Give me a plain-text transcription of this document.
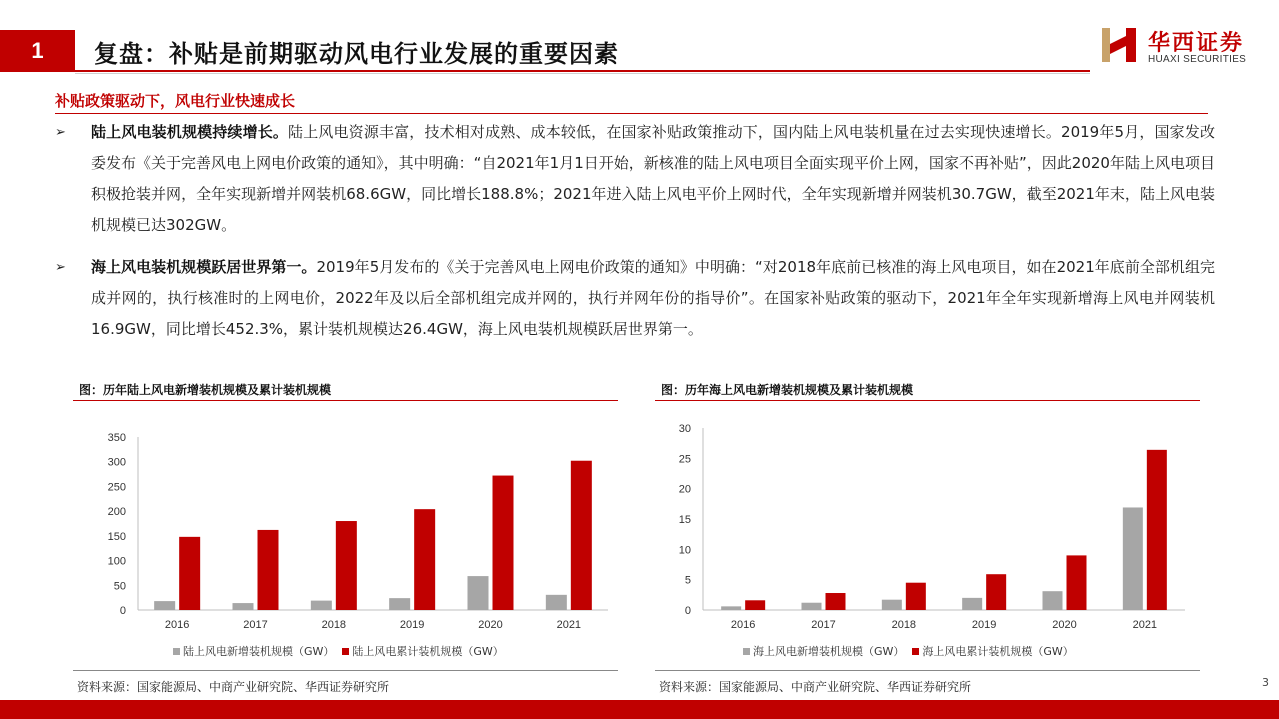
1	复盘：补贴是前期驱动风电行业发展的重要因素	华西证券
HUAXI SECURITIES
补贴政策驱动下，风电行业快速成长
➢ 陆上风电装机规模持续增长。陆上风电资源丰富，技术相对成熟、成本较低，在国家补贴政策推动下，国内陆上风电装机量在过去实现快速增长。2019年5月，国家发改委发布《关于完善风电上网电价政策的通知》，其中明确：“自2021年1月1日开始，新核准的陆上风电项目全面实现平价上网，国家不再补贴”，因此2020年陆上风电项目积极抢装并网，全年实现新增并网装机68.6GW，同比增长188.8%；2021年进入陆上风电平价上网时代，全年实现新增并网装机30.7GW，截至2021年末，陆上风电装机规模已达302GW。
➢ 海上风电装机规模跃居世界第一。2019年5月发布的《关于完善风电上网电价政策的通知》中明确：“对2018年底前已核准的海上风电项目，如在2021年底前全部机组完成并网的，执行核准时的上网电价，2022年及以后全部机组完成并网的，执行并网年份的指导价”。在国家补贴政策的驱动下，2021年全年实现新增海上风电并网装机16.9GW，同比增长452.3%，累计装机规模达26.4GW，海上风电装机规模跃居世界第一。
图：历年陆上风电新增装机规模及累计装机规模
0
50
100
150
200
250
300
350
2016	2017	2018	2019	2020	2021
陆上风电新增装机规模（GW） 陆上风电累计装机规模（GW）
资料来源：国家能源局、中商产业研究院、华西证券研究所
图：历年海上风电新增装机规模及累计装机规模
0
5
10
15
20
25
30
2016	2017	2018	2019	2020	2021
海上风电新增装机规模（GW） 海上风电累计装机规模（GW）
资料来源：国家能源局、中商产业研究院、华西证券研究所	3
